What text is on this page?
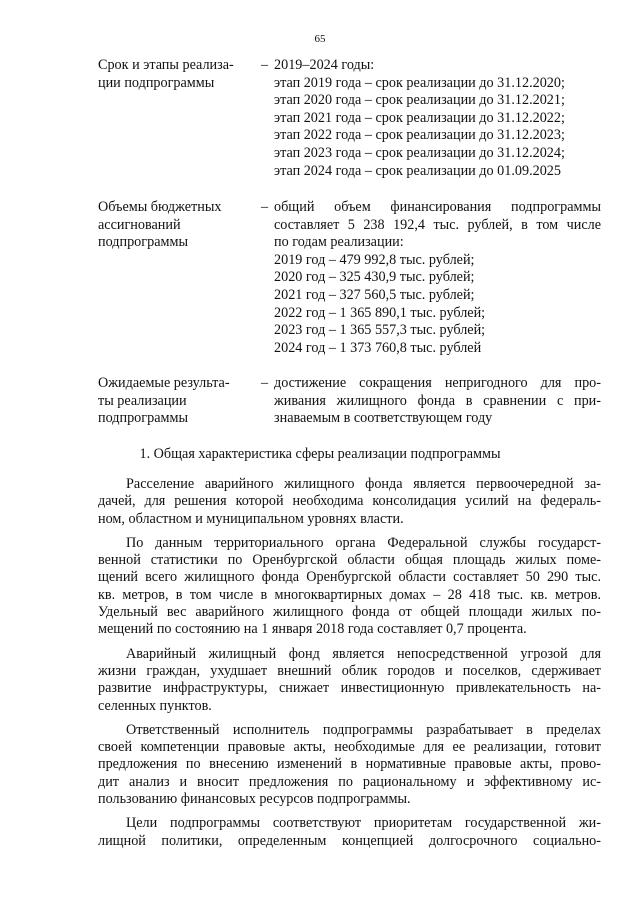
65
Срок и этапы реализа-
ции подпрограммы
– 2019–2024 годы:
этап 2019 года – срок реализации до 31.12.2020;
этап 2020 года – срок реализации до 31.12.2021;
этап 2021 года – срок реализации до 31.12.2022;
этап 2022 года – срок реализации до 31.12.2023;
этап 2023 года – срок реализации до 31.12.2024;
этап 2024 года – срок реализации до 01.09.2025
Объемы бюджетных
ассигнований
подпрограммы
– общий объем финансирования подпрограммы
составляет 5 238 192,4 тыс. рублей, в том числе
по годам реализации:
2019 год – 479 992,8 тыс. рублей;
2020 год – 325 430,9 тыс. рублей;
2021 год – 327 560,5 тыс. рублей;
2022 год – 1 365 890,1 тыс. рублей;
2023 год – 1 365 557,3 тыс. рублей;
2024 год – 1 373 760,8 тыс. рублей
Ожидаемые результа-
ты реализации
подпрограммы
– достижение сокращения непригодного для про-
живания жилищного фонда в сравнении с при-
знаваемым в соответствующем году
1. Общая характеристика сферы реализации подпрограммы
Расселение аварийного жилищного фонда является первоочередной за-
дачей, для решения которой необходима консолидация усилий на федераль-
ном, областном и муниципальном уровнях власти.
По данным территориального органа Федеральной службы государст-
венной статистики по Оренбургской области общая площадь жилых поме-
щений всего жилищного фонда Оренбургской области составляет 50 290 тыс.
кв. метров, в том числе в многоквартирных домах – 28 418 тыс. кв. метров.
Удельный вес аварийного жилищного фонда от общей площади жилых по-
мещений по состоянию на 1 января 2018 года составляет 0,7 процента.
Аварийный жилищный фонд является непосредственной угрозой для
жизни граждан, ухудшает внешний облик городов и поселков, сдерживает
развитие инфраструктуры, снижает инвестиционную привлекательность на-
селенных пунктов.
Ответственный исполнитель подпрограммы разрабатывает в пределах
своей компетенции правовые акты, необходимые для ее реализации, готовит
предложения по внесению изменений в нормативные правовые акты, прово-
дит анализ и вносит предложения по рациональному и эффективному ис-
пользованию финансовых ресурсов подпрограммы.
Цели подпрограммы соответствуют приоритетам государственной жи-
лищной политики, определенным концепцией долгосрочного социально-
